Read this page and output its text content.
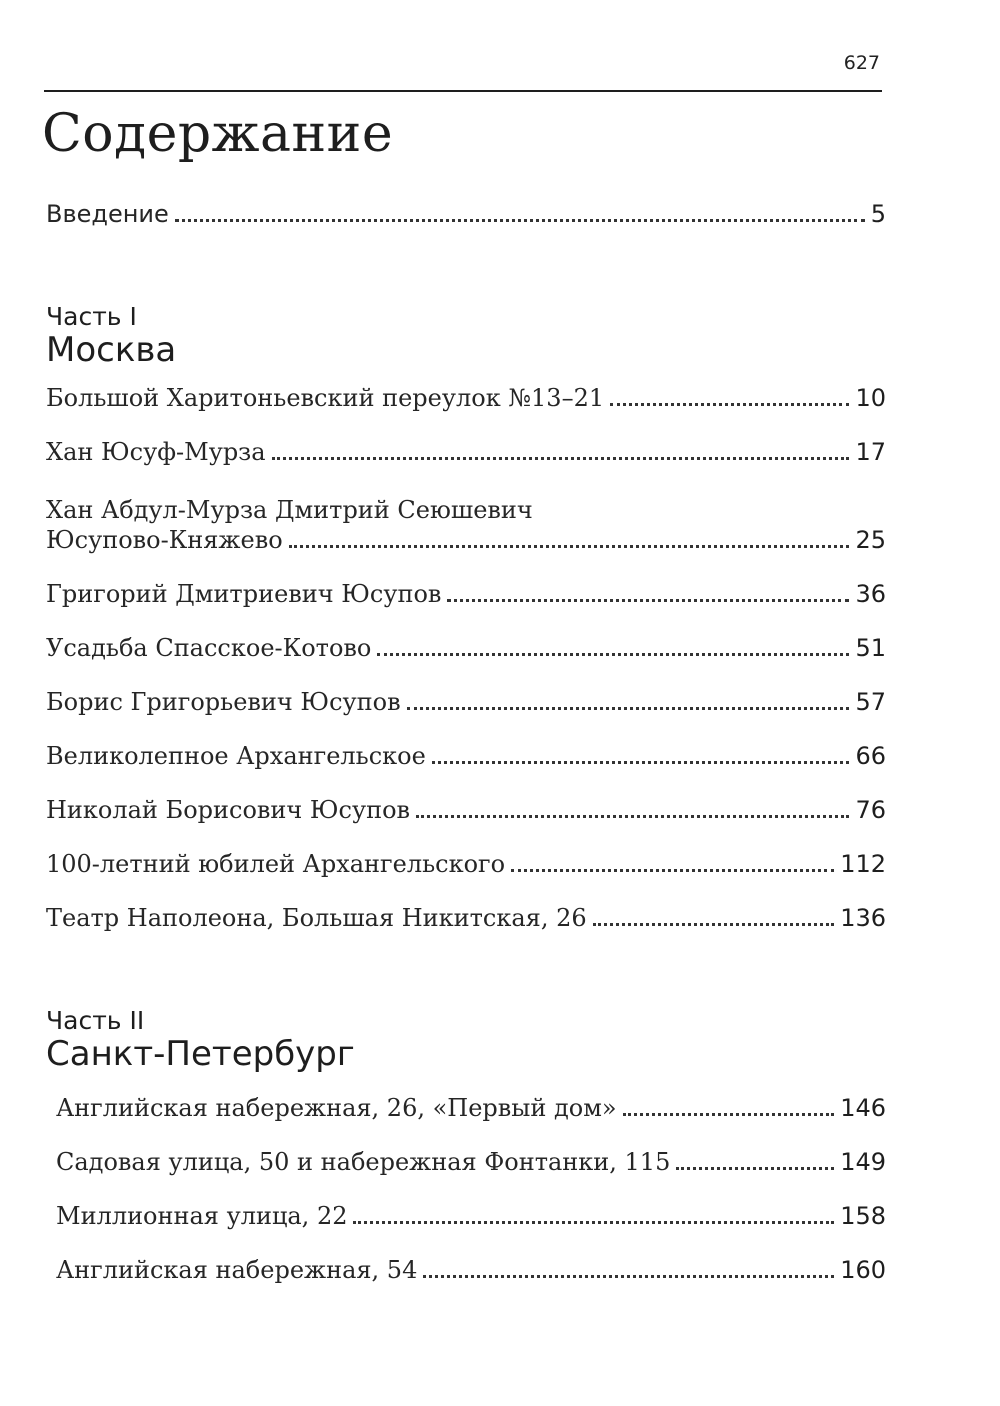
627
Содержание
Введение	5
Часть I
Москва
Большой Харитоньевский переулок №13–21	10
Хан Юсуф-Мурза	17
Хан Абдул-Мурза Дмитрий Сеюшевич
Юсупово-Княжево	25
Григорий Дмитриевич Юсупов	36
Усадьба Спасское-Котово	51
Борис Григорьевич Юсупов	57
Великолепное Архангельское	66
Николай Борисович Юсупов	76
100-летний юбилей Архангельского	112
Театр Наполеона, Большая Никитская, 26	136
Часть II
Санкт-Петербург
Английская набережная, 26, «Первый дом»	146
Садовая улица, 50 и набережная Фонтанки, 115	149
Миллионная улица, 22	158
Английская набережная, 54	160
